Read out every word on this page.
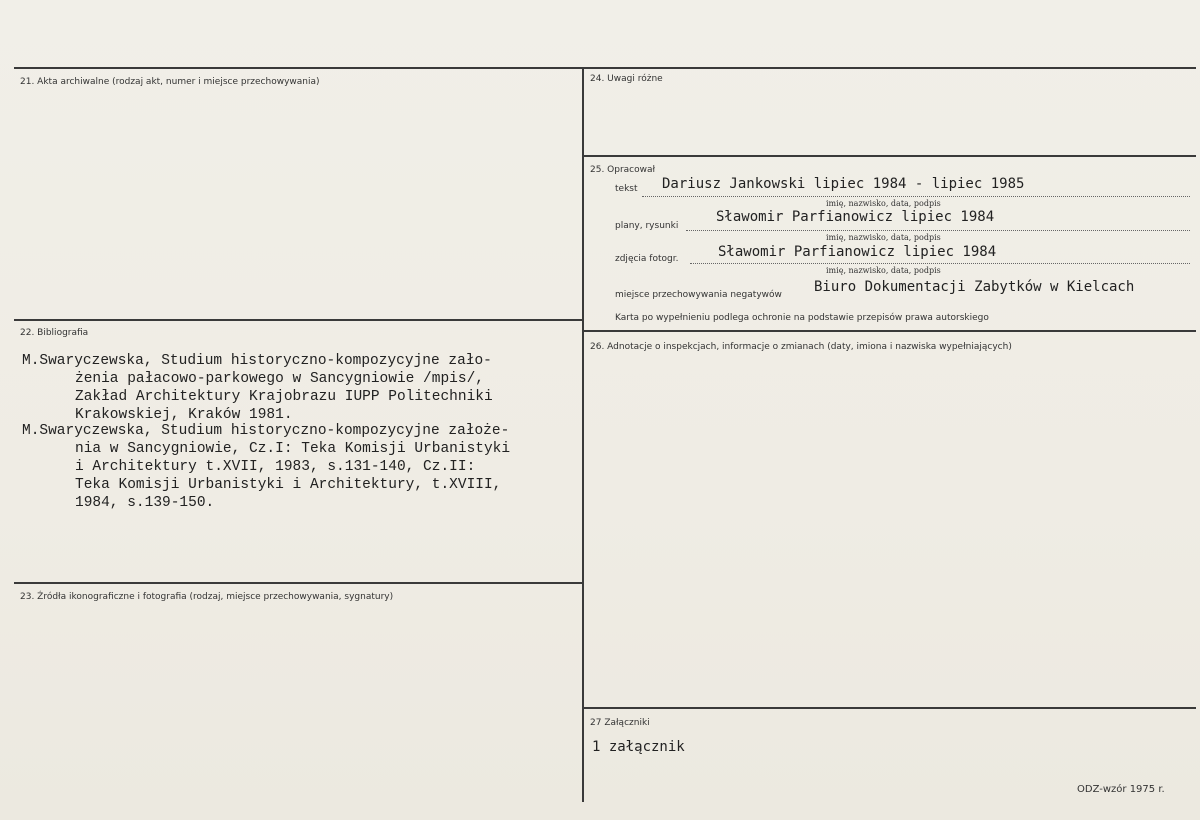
21. Akta archiwalne (rodzaj akt, numer i miejsce przechowywania)
22. Bibliografia
M.Swaryczewska, Studium historyczno-kompozycyjne zało-
żenia pałacowo-parkowego w Sancygniowie /mpis/,
Zakład Architektury Krajobrazu IUPP Politechniki
Krakowskiej, Kraków 1981.
M.Swaryczewska, Studium historyczno-kompozycyjne założe-
nia w Sancygniowie, Cz.I: Teka Komisji Urbanistyki
i Architektury t.XVII, 1983, s.131-140, Cz.II:
Teka Komisji Urbanistyki i Architektury, t.XVIII,
1984, s.139-150.
23. Źródła ikonograficzne i fotografia (rodzaj, miejsce przechowywania, sygnatury)
24. Uwagi różne
25. Opracował
tekst Dariusz Jankowski lipiec 1984 - lipiec 1985
imię, nazwisko, data, podpis
plany, rysunki
Sławomir Parfianowicz lipiec 1984
imię, nazwisko, data, podpis
zdjęcia fotogr.	Sławomir Parfianowicz lipiec 1984
imię, nazwisko, data, podpis
miejsce przechowywania negatywów Biuro Dokumentacji Zabytków w Kielcach
Karta po wypełnieniu podlega ochronie na podstawie przepisów prawa autorskiego
26. Adnotacje o inspekcjach, informacje o zmianach (daty, imiona i nazwiska wypełniających)
27 Załączniki
1 załącznik
ODZ-wzór 1975 r.
